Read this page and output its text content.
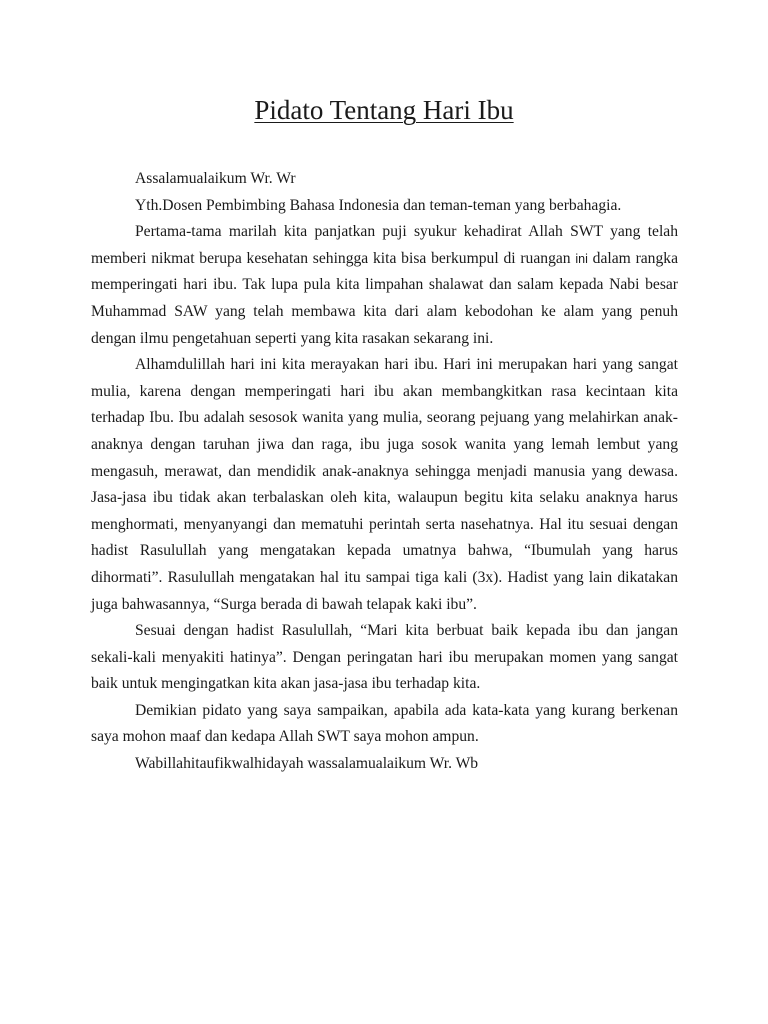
Pidato Tentang Hari Ibu

Assalamualaikum Wr. Wr

Yth.Dosen Pembimbing Bahasa Indonesia dan teman-teman yang berbahagia.

Pertama-tama marilah kita panjatkan puji syukur kehadirat Allah SWT yang telah memberi nikmat berupa kesehatan sehingga kita bisa berkumpul di ruangan ini dalam rangka memperingati hari ibu. Tak lupa pula kita limpahan shalawat dan salam kepada Nabi besar Muhammad SAW yang telah membawa kita dari alam kebodohan ke alam yang penuh dengan ilmu pengetahuan seperti yang kita rasakan sekarang ini.

Alhamdulillah hari ini kita merayakan hari ibu. Hari ini merupakan hari yang sangat mulia, karena dengan memperingati hari ibu akan membangkitkan rasa kecintaan kita terhadap Ibu. Ibu adalah sesosok wanita yang mulia, seorang pejuang yang melahirkan anak-anaknya dengan taruhan jiwa dan raga, ibu juga sosok wanita yang lemah lembut yang mengasuh, merawat, dan mendidik anak-anaknya sehingga menjadi manusia yang dewasa. Jasa-jasa ibu tidak akan terbalaskan oleh kita, walaupun begitu kita selaku anaknya harus menghormati, menyanyangi dan mematuhi perintah serta nasehatnya. Hal itu sesuai dengan hadist Rasulullah yang mengatakan kepada umatnya bahwa, “Ibumulah yang harus dihormati”. Rasulullah mengatakan hal itu sampai tiga kali (3x). Hadist yang lain dikatakan juga bahwasannya, “Surga berada di bawah telapak kaki ibu”.

Sesuai dengan hadist Rasulullah, “Mari kita berbuat baik kepada ibu dan jangan sekali-kali menyakiti hatinya”. Dengan peringatan hari ibu merupakan momen yang sangat baik untuk mengingatkan kita akan jasa-jasa ibu terhadap kita.

Demikian pidato yang saya sampaikan, apabila ada kata-kata yang kurang berkenan saya mohon maaf dan kedapa Allah SWT saya mohon ampun.

Wabillahitaufikwalhidayah wassalamualaikum Wr. Wb
